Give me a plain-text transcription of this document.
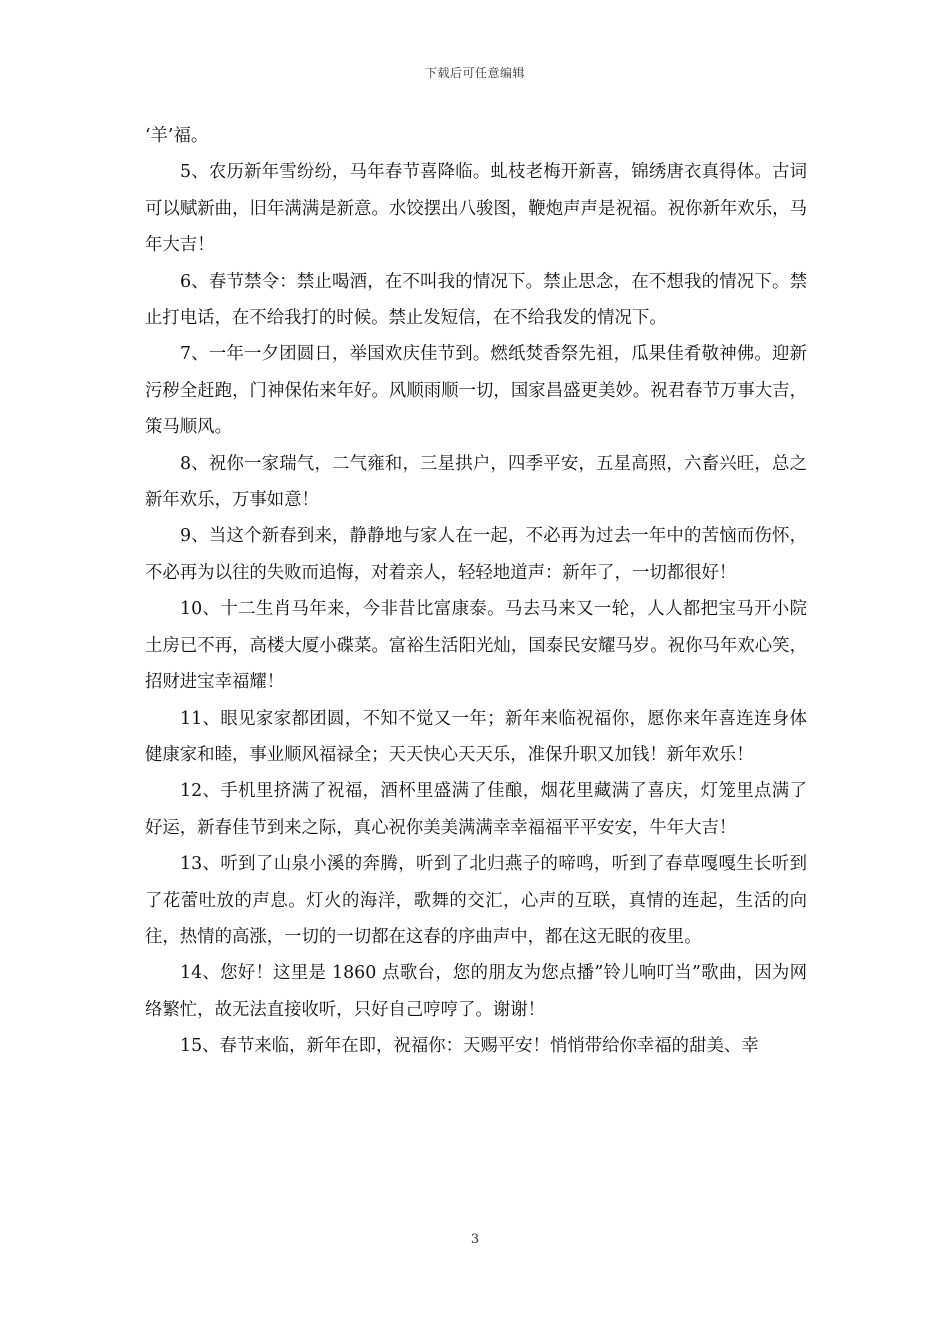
下载后可任意编辑

‘羊’福。

5、农历新年雪纷纷，马年春节喜降临。虬枝老梅开新喜，锦绣唐衣真得体。古词可以赋新曲，旧年满满是新意。水饺摆出八骏图，鞭炮声声是祝福。祝你新年欢乐，马年大吉！

6、春节禁令：禁止喝酒，在不叫我的情况下。禁止思念，在不想我的情况下。禁止打电话，在不给我打的时候。禁止发短信，在不给我发的情况下。

7、一年一夕团圆日，举国欢庆佳节到。燃纸焚香祭先祖，瓜果佳肴敬神佛。迎新污秽全赶跑，门神保佑来年好。风顺雨顺一切，国家昌盛更美妙。祝君春节万事大吉，策马顺风。

8、祝你一家瑞气，二气雍和，三星拱户，四季平安，五星高照，六畜兴旺，总之新年欢乐，万事如意！

9、当这个新春到来，静静地与家人在一起，不必再为过去一年中的苦恼而伤怀，不必再为以往的失败而追悔，对着亲人，轻轻地道声：新年了，一切都很好！

10、十二生肖马年来，今非昔比富康泰。马去马来又一轮，人人都把宝马开小院土房已不再，高楼大厦小碟菜。富裕生活阳光灿，国泰民安耀马岁。祝你马年欢心笑，招财进宝幸福耀！

11、眼见家家都团圆，不知不觉又一年；新年来临祝福你，愿你来年喜连连身体健康家和睦，事业顺风福禄全；天天快心天天乐，准保升职又加钱！新年欢乐！

12、手机里挤满了祝福，酒杯里盛满了佳酿，烟花里藏满了喜庆，灯笼里点满了好运，新春佳节到来之际，真心祝你美美满满幸幸福福平平安安，牛年大吉！

13、听到了山泉小溪的奔腾，听到了北归燕子的啼鸣，听到了春草嘎嘎生长听到了花蕾吐放的声息。灯火的海洋，歌舞的交汇，心声的互联，真情的连起，生活的向往，热情的高涨，一切的一切都在这春的序曲声中，都在这无眠的夜里。

14、您好！这里是 1860 点歌台，您的朋友为您点播”铃儿响叮当”歌曲，因为网络繁忙，故无法直接收听，只好自己哼哼了。谢谢！

15、春节来临，新年在即，祝福你：天赐平安！悄悄带给你幸福的甜美、幸

3
